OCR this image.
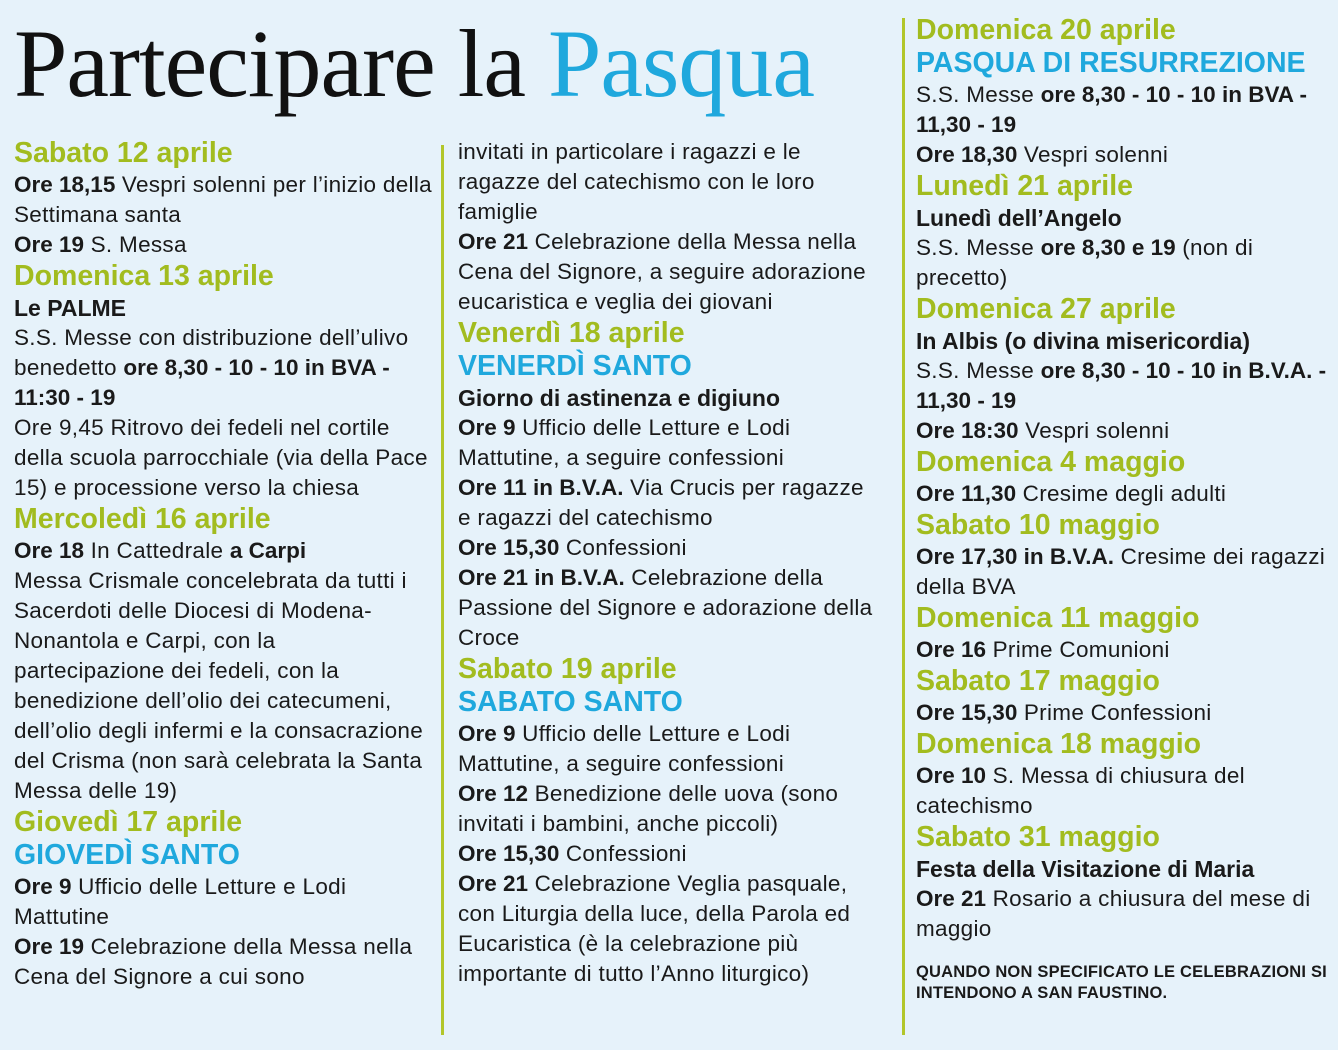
Partecipare la Pasqua
Sabato 12 aprile

Ore 18,15 Vespri solenni per l’inizio della Settimana santa

Ore 19 S. Messa

Domenica 13 aprile
Le PALME

S.S. Messe con distribuzione dell’ulivo benedetto ore 8,30 - 10 - 10 in BVA - 11:30 - 19

Ore 9,45 Ritrovo dei fedeli nel cortile della scuola parrocchiale (via della Pace 15) e processione verso la chiesa

Mercoledì 16 aprile

Ore 18 In Cattedrale a Carpi

Messa Crismale concelebrata da tutti i Sacerdoti delle Diocesi di Modena-Nonantola e Carpi, con la partecipazione dei fedeli, con la benedizione dell’olio dei catecumeni, dell’olio degli infermi e la consacrazione del Crisma (non sarà celebrata la Santa Messa delle 19)

Giovedì 17 aprile
GIOVEDÌ SANTO

Ore 9 Ufficio delle Letture e Lodi Mattutine

Ore 19 Celebrazione della Messa nella Cena del Signore a cui sono

invitati in particolare i ragazzi e le ragazze del catechismo con le loro famiglie

Ore 21 Celebrazione della Messa nella Cena del Signore, a seguire adorazione eucaristica e veglia dei giovani

Venerdì 18 aprile
VENERDÌ SANTO
Giorno di astinenza e digiuno

Ore 9 Ufficio delle Letture e Lodi Mattutine, a seguire confessioni

Ore 11 in B.V.A. Via Crucis per ragazze e ragazzi del catechismo

Ore 15,30 Confessioni

Ore 21 in B.V.A. Celebrazione della Passione del Signore e adorazione della Croce

Sabato 19 aprile
SABATO SANTO

Ore 9 Ufficio delle Letture e Lodi Mattutine, a seguire confessioni

Ore 12 Benedizione delle uova (sono invitati i bambini, anche piccoli)

Ore 15,30 Confessioni

Ore 21 Celebrazione Veglia pasquale, con Liturgia della luce, della Parola ed Eucaristica (è la celebrazione più importante di tutto l’Anno liturgico)

Domenica 20 aprile
PASQUA DI RESURREZIONE

S.S. Messe ore 8,30 - 10 - 10 in BVA - 11,30 - 19

Ore 18,30 Vespri solenni

Lunedì 21 aprile
Lunedì dell’Angelo

S.S. Messe ore 8,30 e 19 (non di precetto)

Domenica 27 aprile
In Albis (o divina misericordia)

S.S. Messe ore 8,30 - 10 - 10 in B.V.A. - 11,30 - 19

Ore 18:30 Vespri solenni

Domenica 4 maggio

Ore 11,30 Cresime degli adulti

Sabato 10 maggio

Ore 17,30 in B.V.A. Cresime dei ragazzi della BVA

Domenica 11 maggio

Ore 16 Prime Comunioni

Sabato 17 maggio

Ore 15,30 Prime Confessioni

Domenica 18 maggio

Ore 10 S. Messa di chiusura del catechismo

Sabato 31 maggio
Festa della Visitazione di Maria

Ore 21 Rosario a chiusura del mese di maggio

QUANDO NON SPECIFICATO LE CELEBRAZIONI SI INTENDONO A SAN FAUSTINO.
